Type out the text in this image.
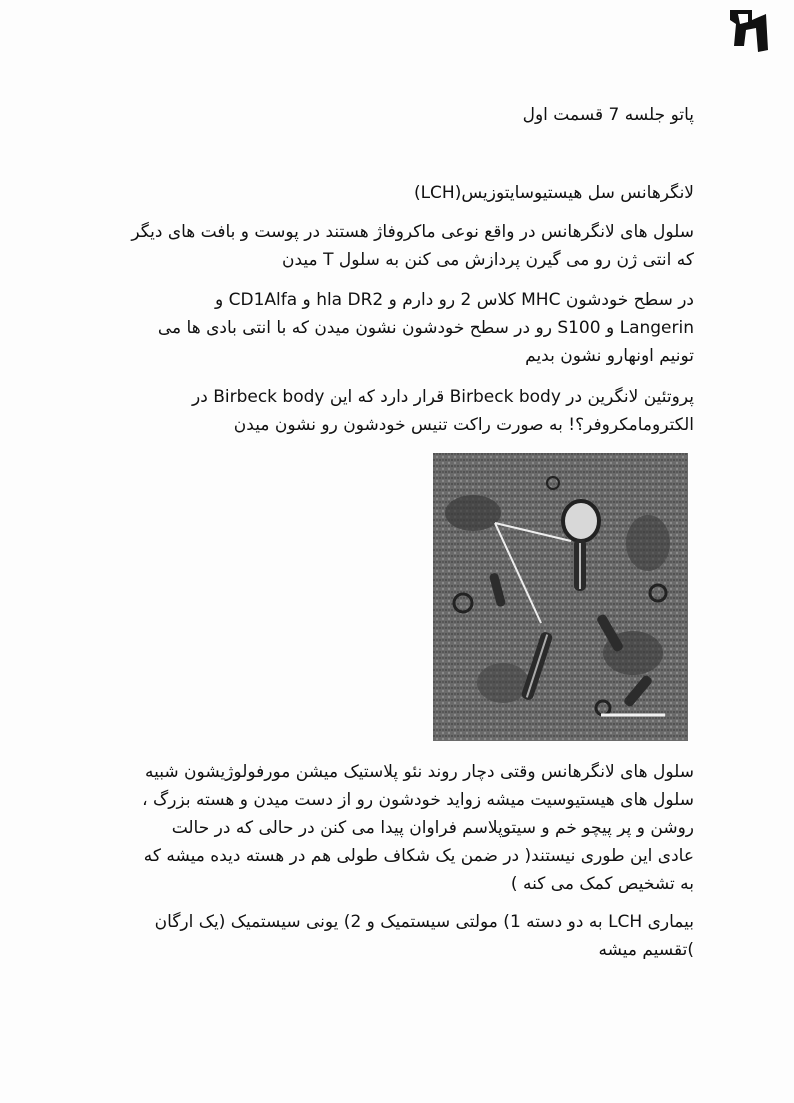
پاتو جلسه 7 قسمت اول
لانگرهانس سل هیستیوسایتوزیس(LCH)
سلول های لانگرهانس در واقع نوعی ماکروفاژ هستند در پوست و بافت های دیگر
که انتی ژن رو می گیرن پردازش می کنن به سلول T میدن
در سطح خودشون MHC کلاس 2 رو دارم و hla DR2 و CD1Alfa و
Langerin و S100 رو در سطح خودشون نشون میدن که با انتی بادی ها می
تونیم اونهارو نشون بدیم
پروتئین لانگرین در Birbeck body قرار دارد که این Birbeck body در
الکترومامکروفر؟! به صورت راکت تنیس خودشون رو نشون میدن
سلول های لانگرهانس وقتی دچار روند نئو پلاستیک میشن مورفولوژیشون شبیه
سلول های هیستیوسیت میشه زواید خودشون رو از دست میدن و هسته بزرگ ،
روشن و پر پیچو خم و سیتوپلاسم فراوان پیدا می کنن در حالی که در حالت
عادی این طوری نیستند( در ضمن یک شکاف طولی هم در هسته دیده میشه که
به تشخیص کمک می کنه )
بیماری LCH به دو دسته 1) مولتی سیستمیک و 2) یونی سیستمیک (یک ارگان
)تقسیم میشه
